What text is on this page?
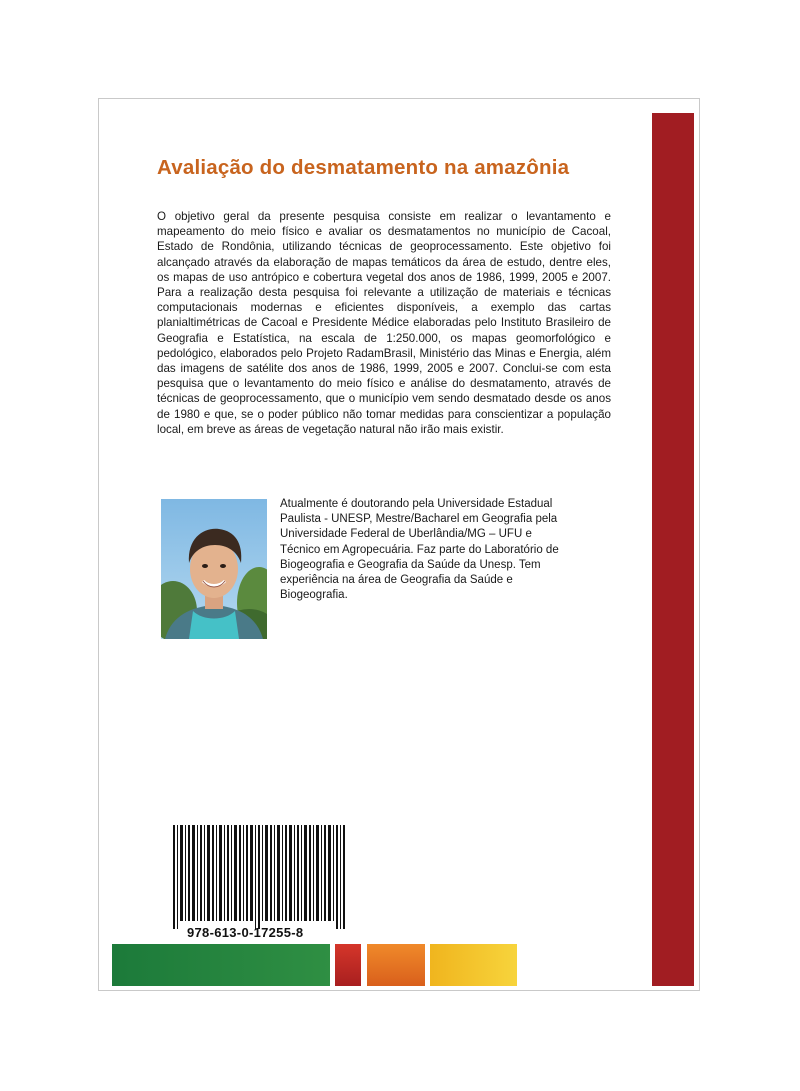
Avaliação do desmatamento na amazônia

O objetivo geral da presente pesquisa consiste em realizar o levantamento e mapeamento do meio físico e avaliar os desmatamentos no município de Cacoal, Estado de Rondônia, utilizando técnicas de geoprocessamento. Este objetivo foi alcançado através da elaboração de mapas temáticos da área de estudo, dentre eles, os mapas de uso antrópico e cobertura vegetal dos anos de 1986, 1999, 2005 e 2007. Para a realização desta pesquisa foi relevante a utilização de materiais e técnicas computacionais modernas e eficientes disponíveis, a exemplo das cartas planialtimétricas de Cacoal e Presidente Médice elaboradas pelo Instituto Brasileiro de Geografia e Estatística, na escala de 1:250.000, os mapas geomorfológico e pedológico, elaborados pelo Projeto RadamBrasil, Ministério das Minas e Energia, além das imagens de satélite dos anos de 1986, 1999, 2005 e 2007. Conclui-se com esta pesquisa que o levantamento do meio físico e análise do desmatamento, através de técnicas de geoprocessamento, que o município vem sendo desmatado desde os anos de 1980 e que, se o poder público não tomar medidas para conscientizar a população local, em breve as áreas de vegetação natural não irão mais existir.

Atualmente é doutorando pela Universidade Estadual Paulista - UNESP, Mestre/Bacharel em Geografia pela Universidade Federal de Uberlândia/MG – UFU e Técnico em Agropecuária. Faz parte do Laboratório de Biogeografia e Geografia da Saúde da Unesp. Tem experiência na área de Geografia da Saúde e Biogeografia.

978-613-0-17255-8
